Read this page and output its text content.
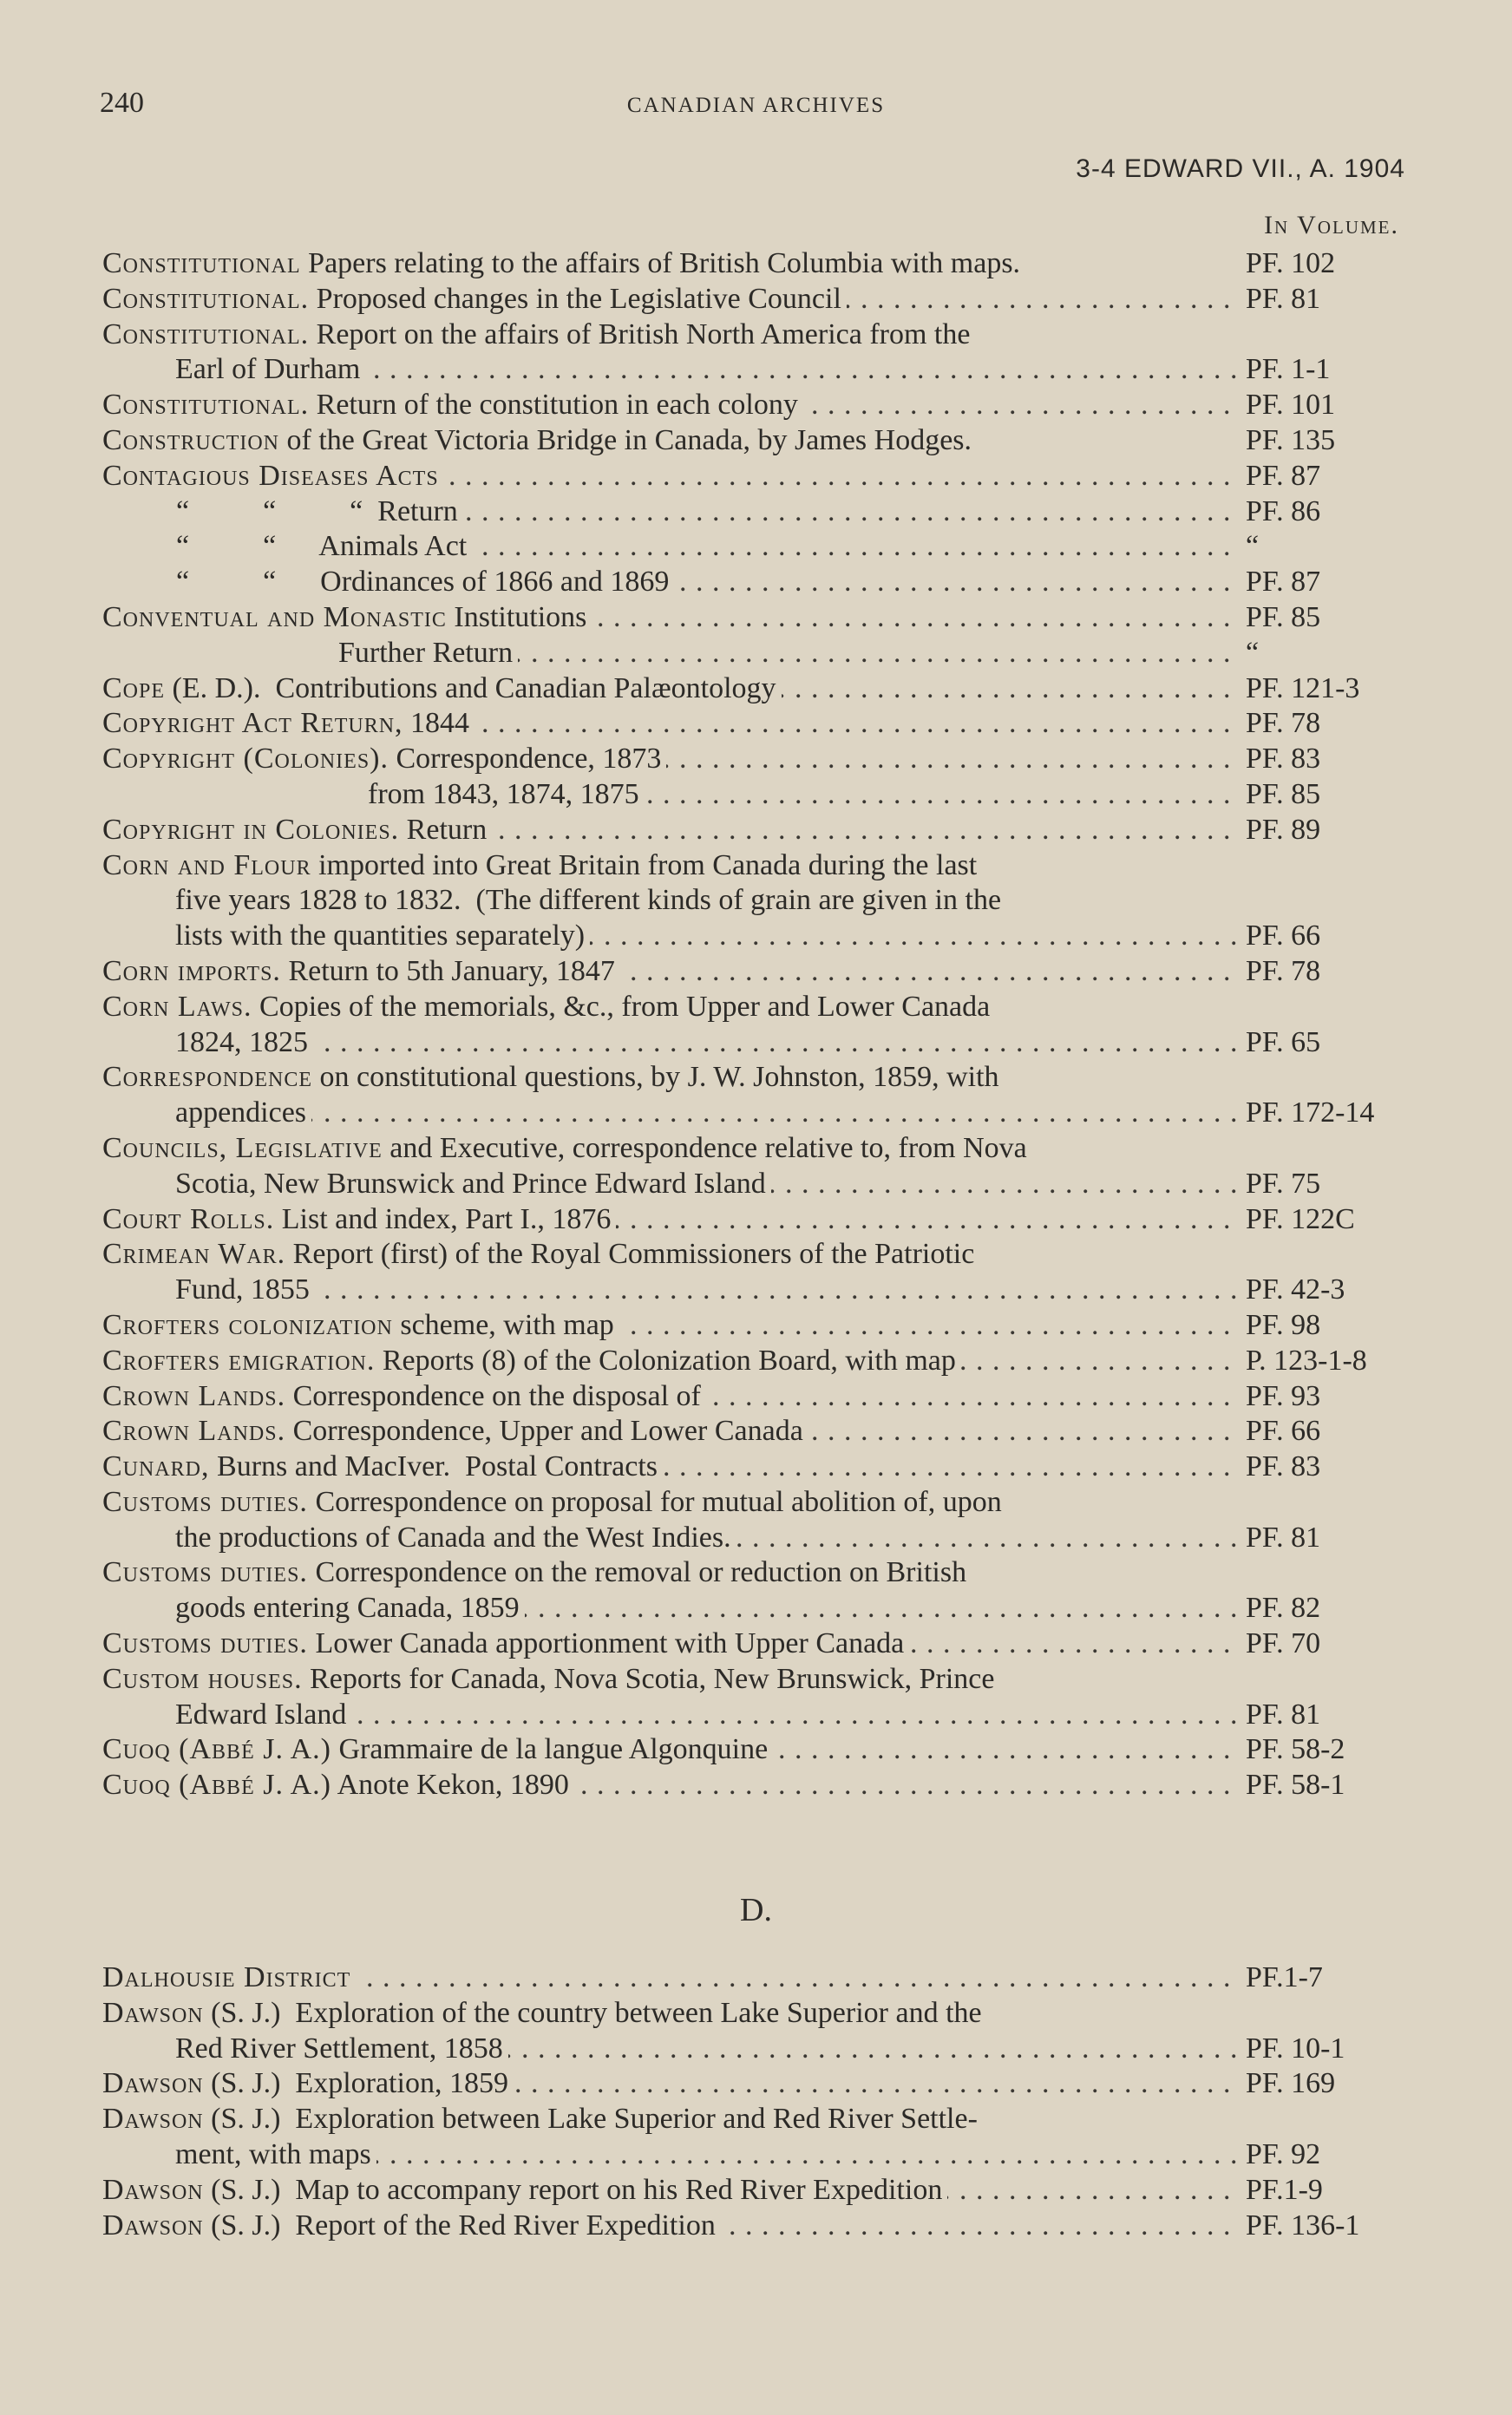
240	CANADIAN ARCHIVES
3-4 EDWARD VII., A. 1904
In Volume.
Constitutional Papers relating to the affairs of British Columbia with maps.	PF. 102
Constitutional. Proposed changes in the Legislative Council . . .	PF. 81
Constitutional. Report on the affairs of British North America from the
Earl of Durham . . .	PF. 1-1
Constitutional. Return of the constitution in each colony . . .	PF. 101
Construction of the Great Victoria Bridge in Canada, by James Hodges.	PF. 135
Contagious Diseases Acts . . .	PF. 87
“          “          “  Return . . .	PF. 86
“          “      Animals Act . . .	“
“          “      Ordinances of 1866 and 1869 . . .	PF. 87
Conventual and Monastic Institutions . . .	PF. 85
Further Return . . .	“
Cope (E. D.).  Contributions and Canadian Palæontology . . .	PF. 121-3
Copyright Act Return, 1844 . . .	PF. 78
Copyright (Colonies). Correspondence, 1873 . . .	PF. 83
from 1843, 1874, 1875 . . .	PF. 85
Copyright in Colonies. Return . . .	PF. 89
Corn and Flour imported into Great Britain from Canada during the last
five years 1828 to 1832.  (The different kinds of grain are given in the
lists with the quantities separately) . . .	PF. 66
Corn imports. Return to 5th January, 1847 . . .	PF. 78
Corn Laws. Copies of the memorials, &c., from Upper and Lower Canada
1824, 1825 . . .	PF. 65
Correspondence on constitutional questions, by J. W. Johnston, 1859, with
appendices . . .	PF. 172-14
Councils, Legislative and Executive, correspondence relative to, from Nova
Scotia, New Brunswick and Prince Edward Island . . .	PF. 75
Court Rolls. List and index, Part I., 1876 . . .	PF. 122C
Crimean War. Report (first) of the Royal Commissioners of the Patriotic
Fund, 1855 . . .	PF. 42-3
Crofters colonization scheme, with map . . .	PF. 98
Crofters emigration. Reports (8) of the Colonization Board, with map . . .	P. 123-1-8
Crown Lands. Correspondence on the disposal of . . .	PF. 93
Crown Lands. Correspondence, Upper and Lower Canada . . .	PF. 66
Cunard, Burns and MacIver.  Postal Contracts . . .	PF. 83
Customs duties. Correspondence on proposal for mutual abolition of, upon
the productions of Canada and the West Indies. . . .	PF. 81
Customs duties. Correspondence on the removal or reduction on British
goods entering Canada, 1859 . . .	PF. 82
Customs duties. Lower Canada apportionment with Upper Canada . . .	PF. 70
Custom houses. Reports for Canada, Nova Scotia, New Brunswick, Prince
Edward Island . . .	PF. 81
Cuoq (Abbé J. A.) Grammaire de la langue Algonquine . . .	PF. 58-2
Cuoq (Abbé J. A.) Anote Kekon, 1890 . . .	PF. 58-1
D.
Dalhousie District . . .	PF.1-7
Dawson (S. J.)  Exploration of the country between Lake Superior and the
Red River Settlement, 1858 . . .	PF. 10-1
Dawson (S. J.)  Exploration, 1859 . . .	PF. 169
Dawson (S. J.)  Exploration between Lake Superior and Red River Settle-
ment, with maps . . .	PF. 92
Dawson (S. J.)  Map to accompany report on his Red River Expedition . . .	PF.1-9
Dawson (S. J.)  Report of the Red River Expedition . . .	PF. 136-1
